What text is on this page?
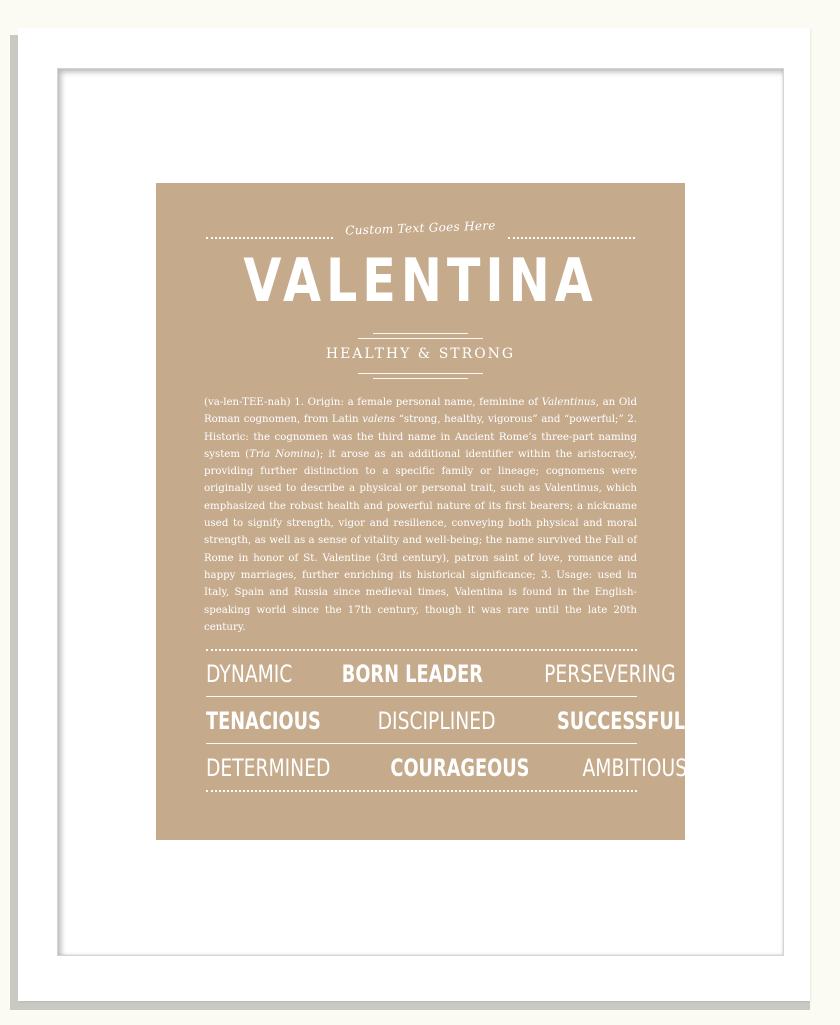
Custom Text Goes Here
VALENTINA
HEALTHY & STRONG
(va-len-TEE-nah) 1. Origin: a female personal name, feminine of Valentinus, an Old Roman cognomen, from Latin valens “strong, healthy, vigorous” and “powerful;” 2. Historic: the cognomen was the third name in Ancient Rome’s three-part naming system (Tria Nomina); it arose as an additional identifier within the aristocracy, providing further distinction to a specific family or lineage; cognomens were originally used to describe a physical or personal trait, such as Valentinus, which emphasized the robust health and powerful nature of its first bearers; a nickname used to signify strength, vigor and resilience, conveying both physical and moral strength, as well as a sense of vitality and well-being; the name survived the Fall of Rome in honor of St. Valentine (3rd century), patron saint of love, romance and happy marriages, further enriching its historical significance; 3. Usage: used in Italy, Spain and Russia since medieval times, Valentina is found in the English-speaking world since the 17th century, though it was rare until the late 20th century.
DYNAMIC BORN LEADER	PERSEVERING
TENACIOUS DISCIPLINED	SUCCESSFUL
DETERMINED COURAGEOUS AMBITIOUS
